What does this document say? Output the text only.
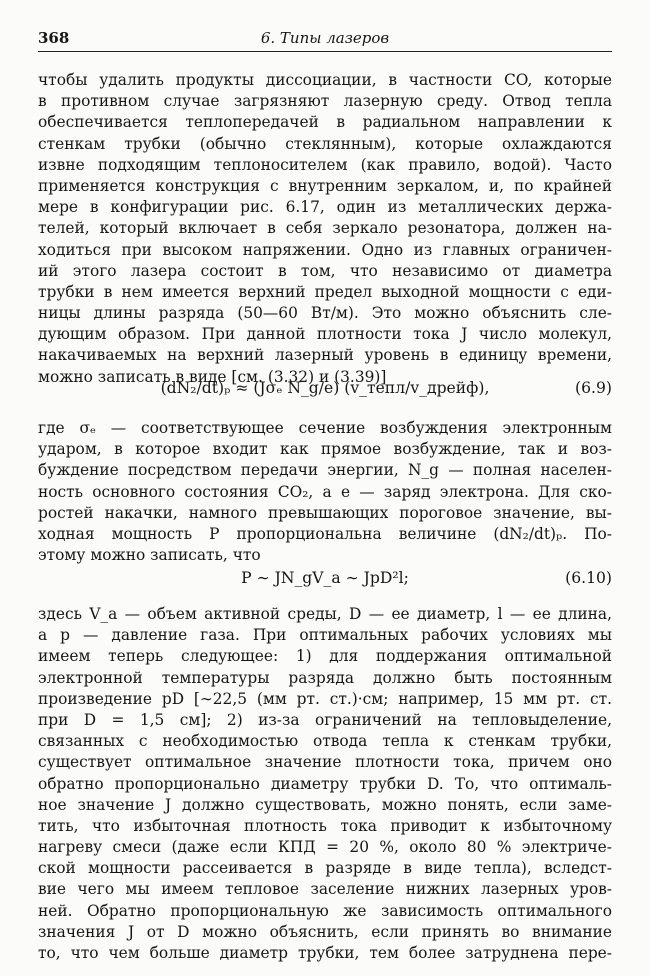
368	6. Типы лазеров
чтобы удалить продукты диссоциации, в частности CO, которые
в противном случае загрязняют лазерную среду. Отвод тепла
обеспечивается теплопередачей в радиальном направлении к
стенкам трубки (обычно стеклянным), которые охлаждаются
извне подходящим теплоносителем (как правило, водой). Часто
применяется конструкция с внутренним зеркалом, и, по крайней
мере в конфигурации рис. 6.17, один из металлических держа-
телей, который включает в себя зеркало резонатора, должен на-
ходиться при высоком напряжении. Одно из главных ограничен-
ий этого лазера состоит в том, что независимо от диаметра
трубки в нем имеется верхний предел выходной мощности с еди-
ницы длины разряда (50—60 Вт/м). Это можно объяснить сле-
дующим образом. При данной плотности тока J число молекул,
накачиваемых на верхний лазерный уровень в единицу времени,
можно записать в виде [см. (3.32) и (3.39)]
(dN₂/dt)ₚ ≈ (Jσₑ N_g/e) (v_тепл/v_дрейф),	(6.9)
где σₑ — соответствующее сечение возбуждения электронным
ударом, в которое входит как прямое возбуждение, так и воз-
буждение посредством передачи энергии, N_g — полная населен-
ность основного состояния CO₂, а e — заряд электрона. Для ско-
ростей накачки, намного превышающих пороговое значение, вы-
ходная мощность P пропорциональна величине (dN₂/dt)ₚ. По-
этому можно записать, что
P ∼ JN_gV_a ∼ JpD²l;	(6.10)
здесь V_a — объем активной среды, D — ее диаметр, l — ее длина,
а p — давление газа. При оптимальных рабочих условиях мы
имеем теперь следующее: 1) для поддержания оптимальной
электронной температуры разряда должно быть постоянным
произведение pD [∼22,5 (мм рт. ст.)·см; например, 15 мм рт. ст.
при D = 1,5 см]; 2) из-за ограничений на тепловыделение,
связанных с необходимостью отвода тепла к стенкам трубки,
существует оптимальное значение плотности тока, причем оно
обратно пропорционально диаметру трубки D. То, что оптималь-
ное значение J должно существовать, можно понять, если заме-
тить, что избыточная плотность тока приводит к избыточному
нагреву смеси (даже если КПД = 20 %, около 80 % электриче-
ской мощности рассеивается в разряде в виде тепла), вследст-
вие чего мы имеем тепловое заселение нижних лазерных уров-
ней. Обратно пропорциональную же зависимость оптимального
значения J от D можно объяснить, если принять во внимание
то, что чем больше диаметр трубки, тем более затруднена пере-
